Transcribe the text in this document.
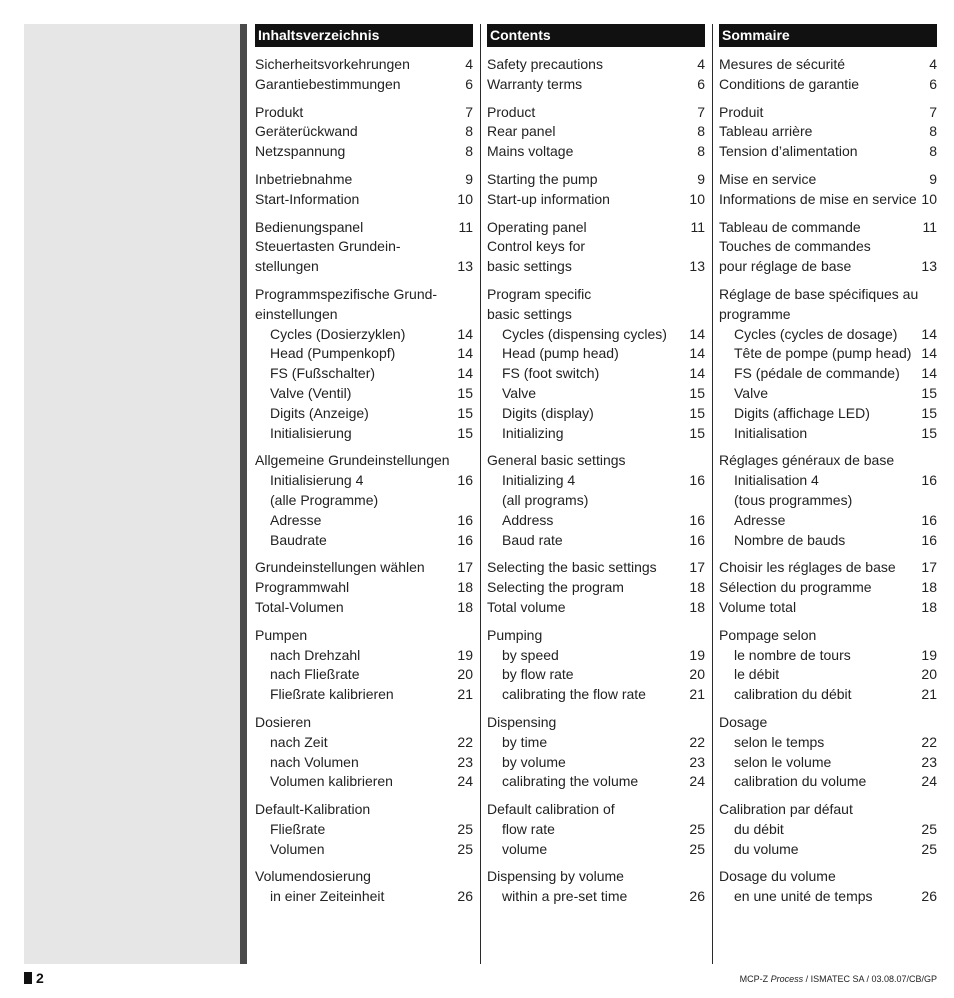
Inhaltsverzeichnis
Sicherheitsvorkehrungen	4
Garantiebestimmungen	6
Produkt	7
Geräterückwand	8
Netzspannung	8
Inbetriebnahme	9
Start-Information	10
Bedienungspanel	11
Steuertasten Grundein-
stellungen	13
Programmspezifische Grund-
einstellungen
Cycles (Dosierzyklen)	14
Head (Pumpenkopf)	14
FS (Fußschalter)	14
Valve (Ventil)	15
Digits (Anzeige)	15
Initialisierung	15
Allgemeine Grundeinstellungen
Initialisierung 4	16
(alle Programme)
Adresse	16
Baudrate	16
Grundeinstellungen wählen 17
Programmwahl	18
Total-Volumen	18
Pumpen
nach Drehzahl	19
nach Fließrate	20
Fließrate kalibrieren	21
Dosieren
nach Zeit	22
nach Volumen	23
Volumen kalibrieren	24
Default-Kalibration
Fließrate	25
Volumen	25
Volumendosierung
in einer Zeiteinheit	26
Contents
Safety precautions	4
Warranty terms	6
Product	7
Rear panel	8
Mains voltage	8
Starting the pump	9
Start-up information	10
Operating panel	11
Control keys for
basic settings	13
Program specific
basic settings
Cycles (dispensing cycles) 14
Head (pump head)	14
FS (foot switch)	14
Valve	15
Digits (display)	15
Initializing	15
General basic settings
Initializing 4	16
(all programs)
Address	16
Baud rate	16
Selecting the basic settings 17
Selecting the program	18
Total volume	18
Pumping
by speed	19
by flow rate	20
calibrating the flow rate	21
Dispensing
by time	22
by volume	23
calibrating the volume	24
Default calibration of
flow rate	25
volume	25
Dispensing by volume
within a pre-set time	26
Sommaire
Mesures de sécurité	4
Conditions de garantie	6
Produit	7
Tableau arrière	8
Tension d’alimentation	8
Mise en service	9
Informations de mise en service 10
Tableau de commande	11
Touches de commandes
pour réglage de base	13
Réglage de base spécifiques au
programme
Cycles (cycles de dosage) 14
Tête de pompe (pump head) 14
FS (pédale de commande) 14
Valve	15
Digits (affichage LED)	15
Initialisation	15
Réglages généraux de base
Initialisation 4	16
(tous programmes)
Adresse	16
Nombre de bauds	16
Choisir les réglages de base 17
Sélection du programme	18
Volume total	18
Pompage selon
le nombre de tours	19
le débit	20
calibration du débit	21
Dosage
selon le temps	22
selon le volume	23
calibration du volume	24
Calibration par défaut
du débit	25
du volume	25
Dosage du volume
en une unité de temps	26
2	MCP-Z Process / ISMATEC SA / 03.08.07/CB/GP
